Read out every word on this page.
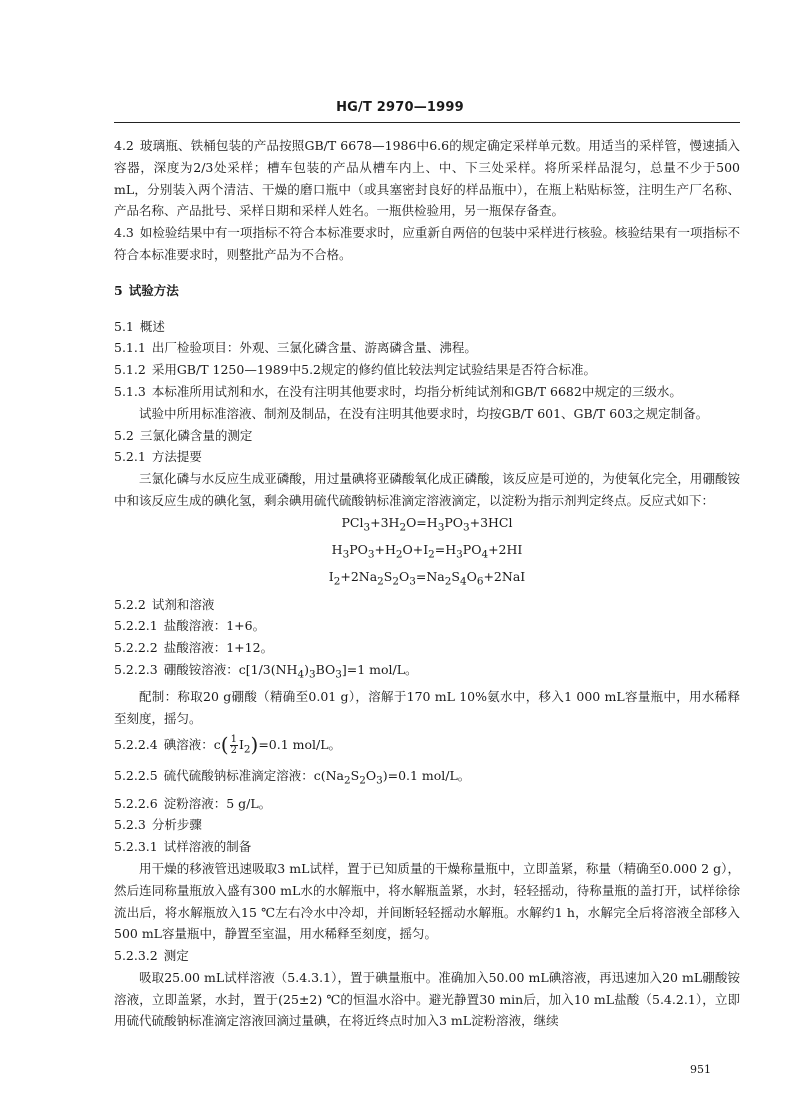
HG/T 2970—1999

4.2 玻璃瓶、铁桶包装的产品按照GB/T 6678—1986中6.6的规定确定采样单元数。用适当的采样管，慢速插入容器，深度为2/3处采样；槽车包装的产品从槽车内上、中、下三处采样。将所采样品混匀，总量不少于500 mL，分别装入两个清洁、干燥的磨口瓶中（或具塞密封良好的样品瓶中），在瓶上粘贴标签，注明生产厂名称、产品名称、产品批号、采样日期和采样人姓名。一瓶供检验用，另一瓶保存备查。

4.3 如检验结果中有一项指标不符合本标准要求时，应重新自两倍的包装中采样进行核验。核验结果有一项指标不符合本标准要求时，则整批产品为不合格。

5 试验方法

5.1 概述

5.1.1 出厂检验项目：外观、三氯化磷含量、游离磷含量、沸程。

5.1.2 采用GB/T 1250—1989中5.2规定的修约值比较法判定试验结果是否符合标准。

5.1.3 本标准所用试剂和水，在没有注明其他要求时，均指分析纯试剂和GB/T 6682中规定的三级水。

试验中所用标准溶液、制剂及制品，在没有注明其他要求时，均按GB/T 601、GB/T 603之规定制备。

5.2 三氯化磷含量的测定

5.2.1 方法提要

三氯化磷与水反应生成亚磷酸，用过量碘将亚磷酸氧化成正磷酸，该反应是可逆的，为使氧化完全，用硼酸铵中和该反应生成的碘化氢，剩余碘用硫代硫酸钠标准滴定溶液滴定，以淀粉为指示剂判定终点。反应式如下：

$PCl_3+3H_2O=H_3PO_3+3HCl$

$H_3PO_3+H_2O+I_2=H_3PO_4+2HI$

$I_2+2Na_2S_2O_3=Na_2S_4O_6+2NaI$

5.2.2 试剂和溶液

5.2.2.1 盐酸溶液：1+6。

5.2.2.2 盐酸溶液：1+12。

5.2.2.3 硼酸铵溶液：$c[1/3(NH_4)_3BO_3]=1$ mol/L。

配制：称取20 g硼酸（精确至0.01 g），溶解于170 mL 10%氨水中，移入1 000 mL容量瓶中，用水稀释至刻度，摇匀。

5.2.2.4 碘溶液：$c( \frac{1}{2} I_2)=0.1$ mol/L。

5.2.2.5 硫代硫酸钠标准滴定溶液：$c(Na_2S_2O_3)=0.1$ mol/L。

5.2.2.6 淀粉溶液：5 g/L。

5.2.3 分析步骤

5.2.3.1 试样溶液的制备

用干燥的移液管迅速吸取3 mL试样，置于已知质量的干燥称量瓶中，立即盖紧，称量（精确至0.000 2 g），然后连同称量瓶放入盛有300 mL水的水解瓶中，将水解瓶盖紧，水封，轻轻摇动，待称量瓶的盖打开，试样徐徐流出后，将水解瓶放入15 ℃左右冷水中冷却，并间断轻轻摇动水解瓶。水解约1 h，水解完全后将溶液全部移入500 mL容量瓶中，静置至室温，用水稀释至刻度，摇匀。

5.2.3.2 测定

吸取25.00 mL试样溶液（5.4.3.1），置于碘量瓶中。准确加入50.00 mL碘溶液，再迅速加入20 mL硼酸铵溶液，立即盖紧，水封，置于(25±2) ℃的恒温水浴中。避光静置30 min后，加入10 mL盐酸（5.4.2.1），立即用硫代硫酸钠标准滴定溶液回滴过量碘，在将近终点时加入3 mL淀粉溶液，继续

951
